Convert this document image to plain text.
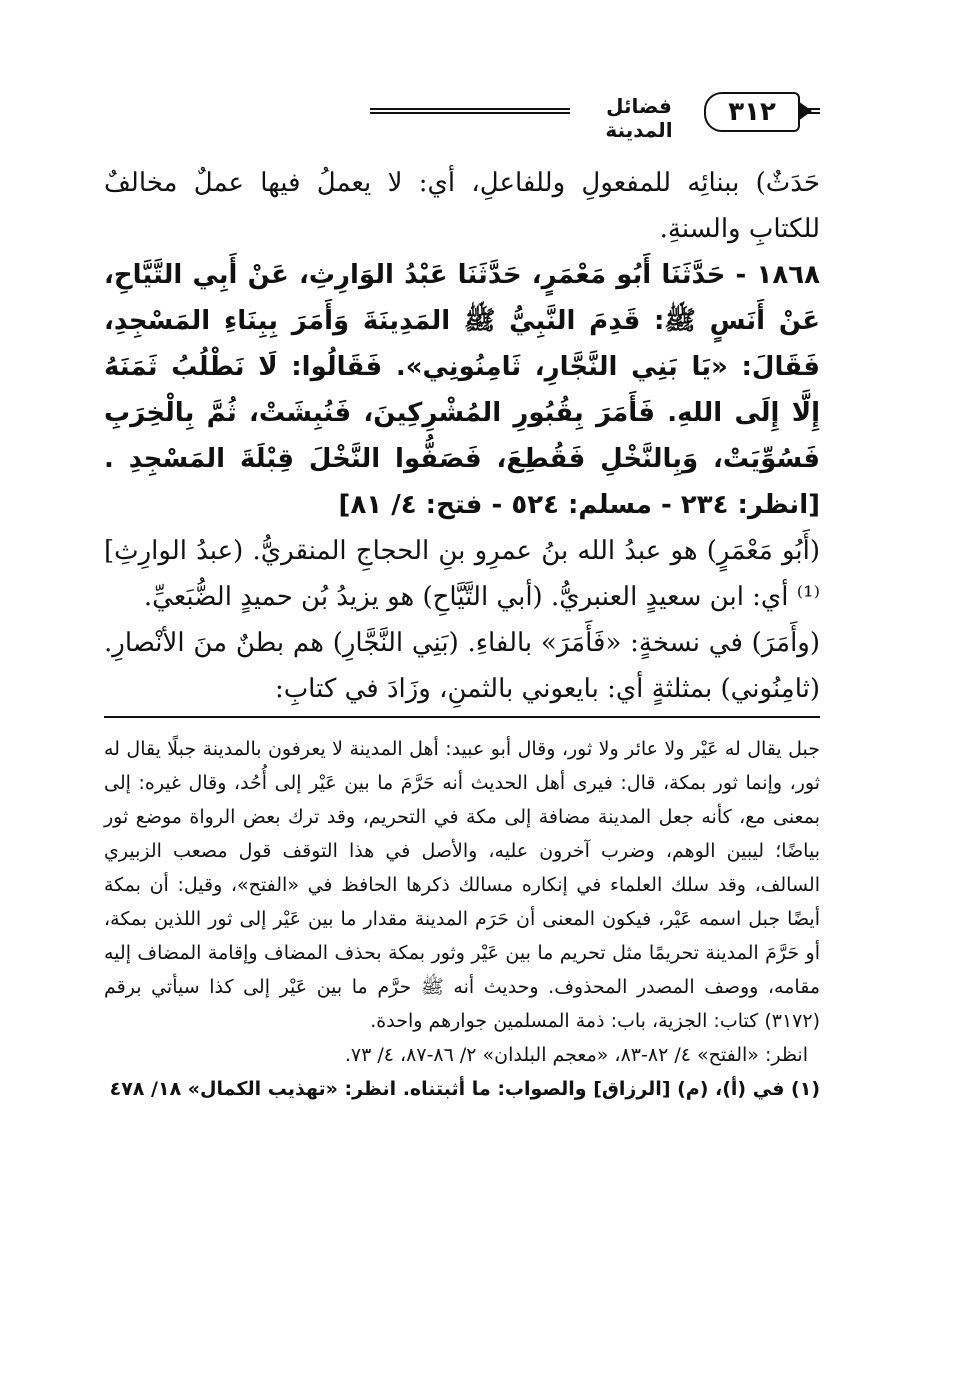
٣١٢
فضائل المدينة

حَدَثٌ) ببنائِه للمفعولِ وللفاعلِ، أي: لا يعملُ فيها عملٌ مخالفٌ للكتابِ والسنةِ.

١٨٦٨ - حَدَّثَنَا أَبُو مَعْمَرٍ، حَدَّثَنَا عَبْدُ الوَارِثِ، عَنْ أَبِي التَّيَّاحِ، عَنْ أَنَسٍ ﷺ: قَدِمَ النَّبِيُّ ﷺ المَدِينَةَ وَأَمَرَ بِبِنَاءِ المَسْجِدِ، فَقَالَ: «يَا بَنِي النَّجَّارِ، ثَامِنُونِي». فَقَالُوا: لَا نَطْلُبُ ثَمَنَهُ إِلَّا إِلَى اللهِ. فَأَمَرَ بِقُبُورِ المُشْرِكِينَ، فَنُبِشَتْ، ثُمَّ بِالْخِرَبِ فَسُوِّيَتْ، وَبِالنَّخْلِ فَقُطِعَ، فَصَفُّوا النَّخْلَ قِبْلَةَ المَسْجِدِ .[انظر: ٢٣٤ - مسلم: ٥٢٤ - فتح: ٤/ ٨١]

(أَبُو مَعْمَرٍ) هو عبدُ الله بنُ عمرِو بنِ الحجاجِ المنقريُّ. (عبدُ الوارِثِ]⁽¹⁾ أي: ابن سعيدٍ العنبريُّ. (أبي التَّيَّاحِ) هو يزيدُ بُن حميدٍ الضُّبَعيِّ.

(وأَمَرَ) في نسخةٍ: «فَأَمَرَ» بالفاءِ. (بَنِي النَّجَّارِ) هم بطنٌ منَ الأنْصارِ. (ثامِنُوني) بمثلثةٍ أي: بايعوني بالثمنِ، وزَادَ في كتابِ:

جبل يقال له عَيْر ولا عائر ولا ثور، وقال أبو عبيد: أهل المدينة لا يعرفون بالمدينة جبلًا يقال له ثور، وإنما ثور بمكة، قال: فيرى أهل الحديث أنه حَرَّمَ ما بين عَيْر إلى أُحُد، وقال غيره: إلى بمعنى مع، كأنه جعل المدينة مضافة إلى مكة في التحريم، وقد ترك بعض الرواة موضع ثور بياضًا؛ ليبين الوهم، وضرب آخرون عليه، والأصل في هذا التوقف قول مصعب الزبيري السالف، وقد سلك العلماء في إنكاره مسالك ذكرها الحافظ في «الفتح»، وقيل: أن بمكة أيضًا جبل اسمه عَيْر، فيكون المعنى أن حَرَم المدينة مقدار ما بين عَيْر إلى ثور اللذين بمكة، أو حَرَّمَ المدينة تحريمًا مثل تحريم ما بين عَيْر وثور بمكة بحذف المضاف وإقامة المضاف إليه مقامه، ووصف المصدر المحذوف. وحديث أنه ﷺ حرَّم ما بين عَيْر إلى كذا سيأتي برقم (٣١٧٢) كتاب: الجزية، باب: ذمة المسلمين جوارهم واحدة.

انظر: «الفتح» ٤/ ٨٢-٨٣، «معجم البلدان» ٢/ ٨٦-٨٧، ٤/ ٧٣.

(١) في (أ)، (م) [الرزاق] والصواب: ما أثبتناه. انظر: «تهذيب الكمال» ١٨/ ٤٧٨
